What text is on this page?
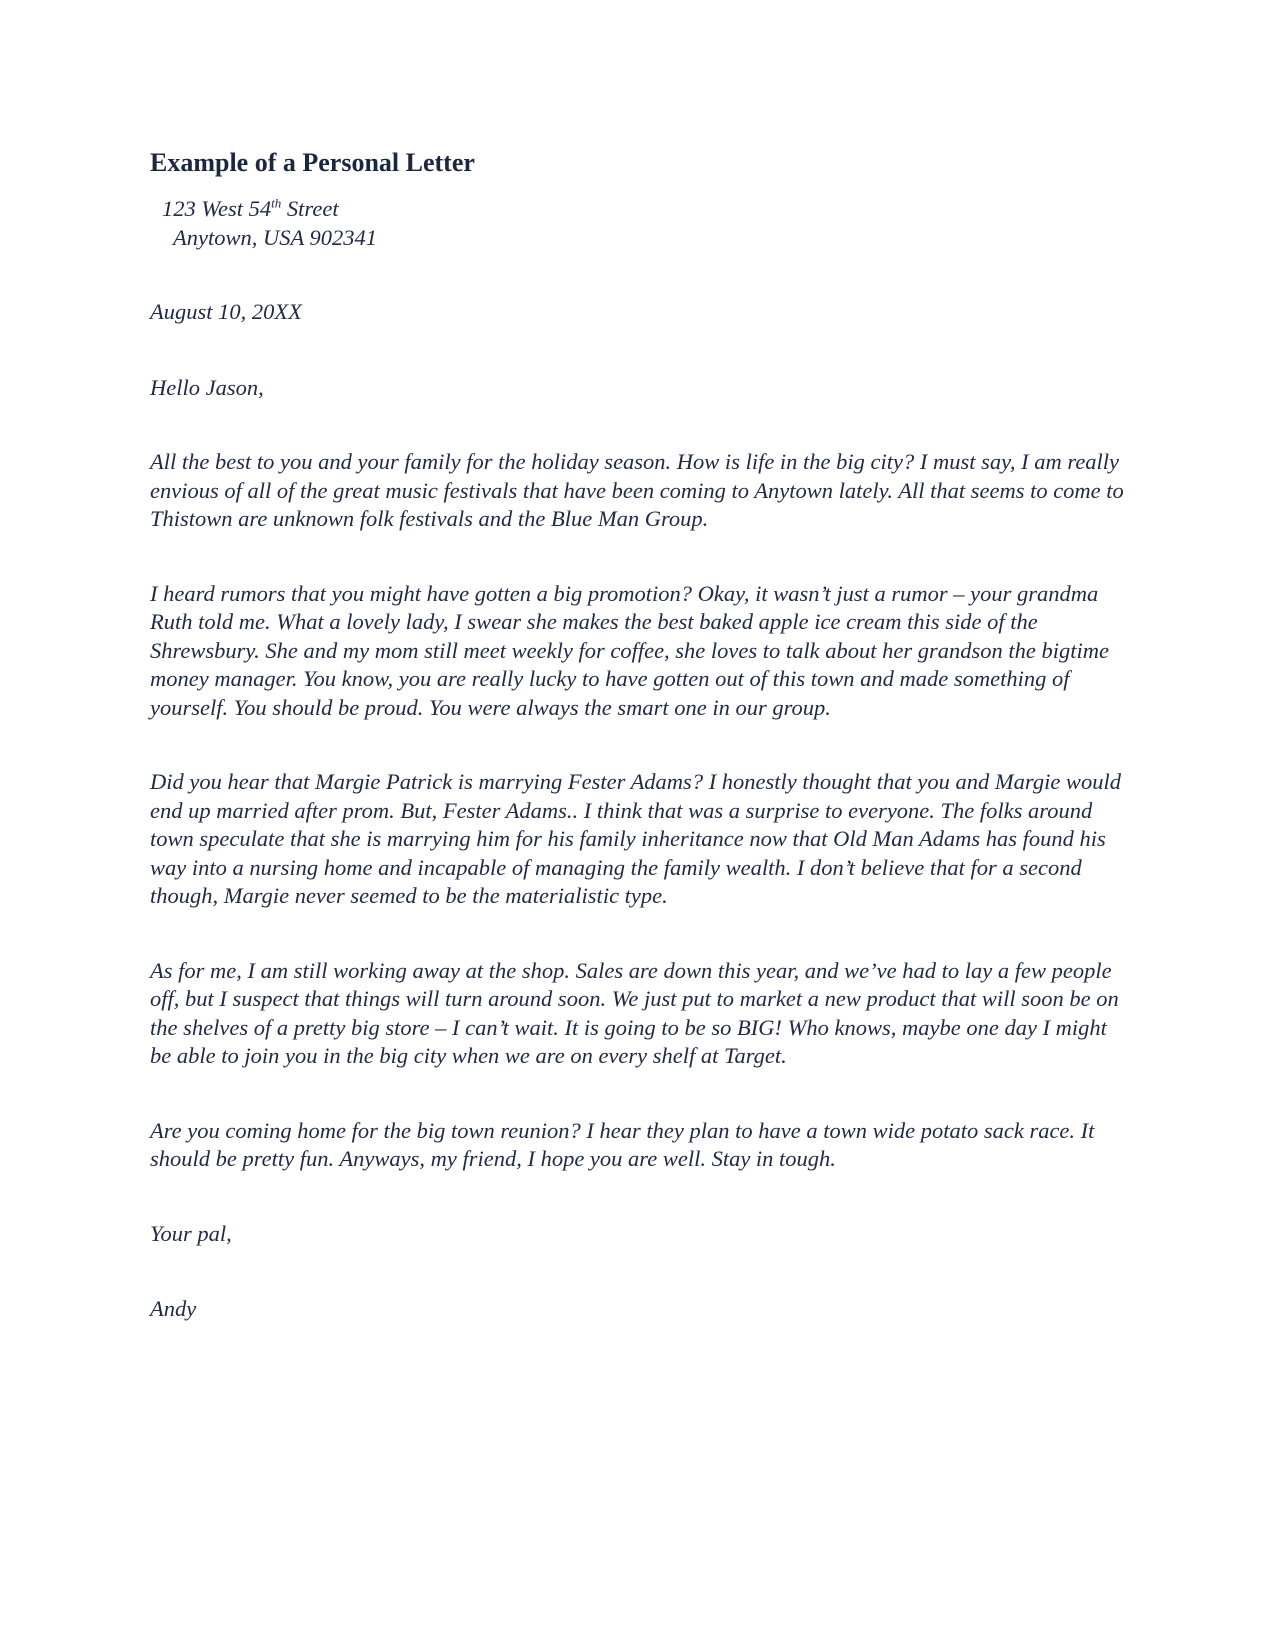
Example of a Personal Letter
123 West 54th Street
Anytown, USA 902341
August 10, 20XX
Hello Jason,
All the best to you and your family for the holiday season. How is life in the big city? I must say, I am really envious of all of the great music festivals that have been coming to Anytown lately. All that seems to come to Thistown are unknown folk festivals and the Blue Man Group.
I heard rumors that you might have gotten a big promotion? Okay, it wasn’t just a rumor – your grandma Ruth told me. What a lovely lady, I swear she makes the best baked apple ice cream this side of the Shrewsbury. She and my mom still meet weekly for coffee, she loves to talk about her grandson the bigtime money manager. You know, you are really lucky to have gotten out of this town and made something of yourself. You should be proud. You were always the smart one in our group.
Did you hear that Margie Patrick is marrying Fester Adams? I honestly thought that you and Margie would end up married after prom. But, Fester Adams.. I think that was a surprise to everyone. The folks around town speculate that she is marrying him for his family inheritance now that Old Man Adams has found his way into a nursing home and incapable of managing the family wealth. I don’t believe that for a second though, Margie never seemed to be the materialistic type.
As for me, I am still working away at the shop. Sales are down this year, and we’ve had to lay a few people off, but I suspect that things will turn around soon. We just put to market a new product that will soon be on the shelves of a pretty big store – I can’t wait. It is going to be so BIG! Who knows, maybe one day I might be able to join you in the big city when we are on every shelf at Target.
Are you coming home for the big town reunion? I hear they plan to have a town wide potato sack race. It should be pretty fun. Anyways, my friend, I hope you are well. Stay in tough.
Your pal,
Andy
